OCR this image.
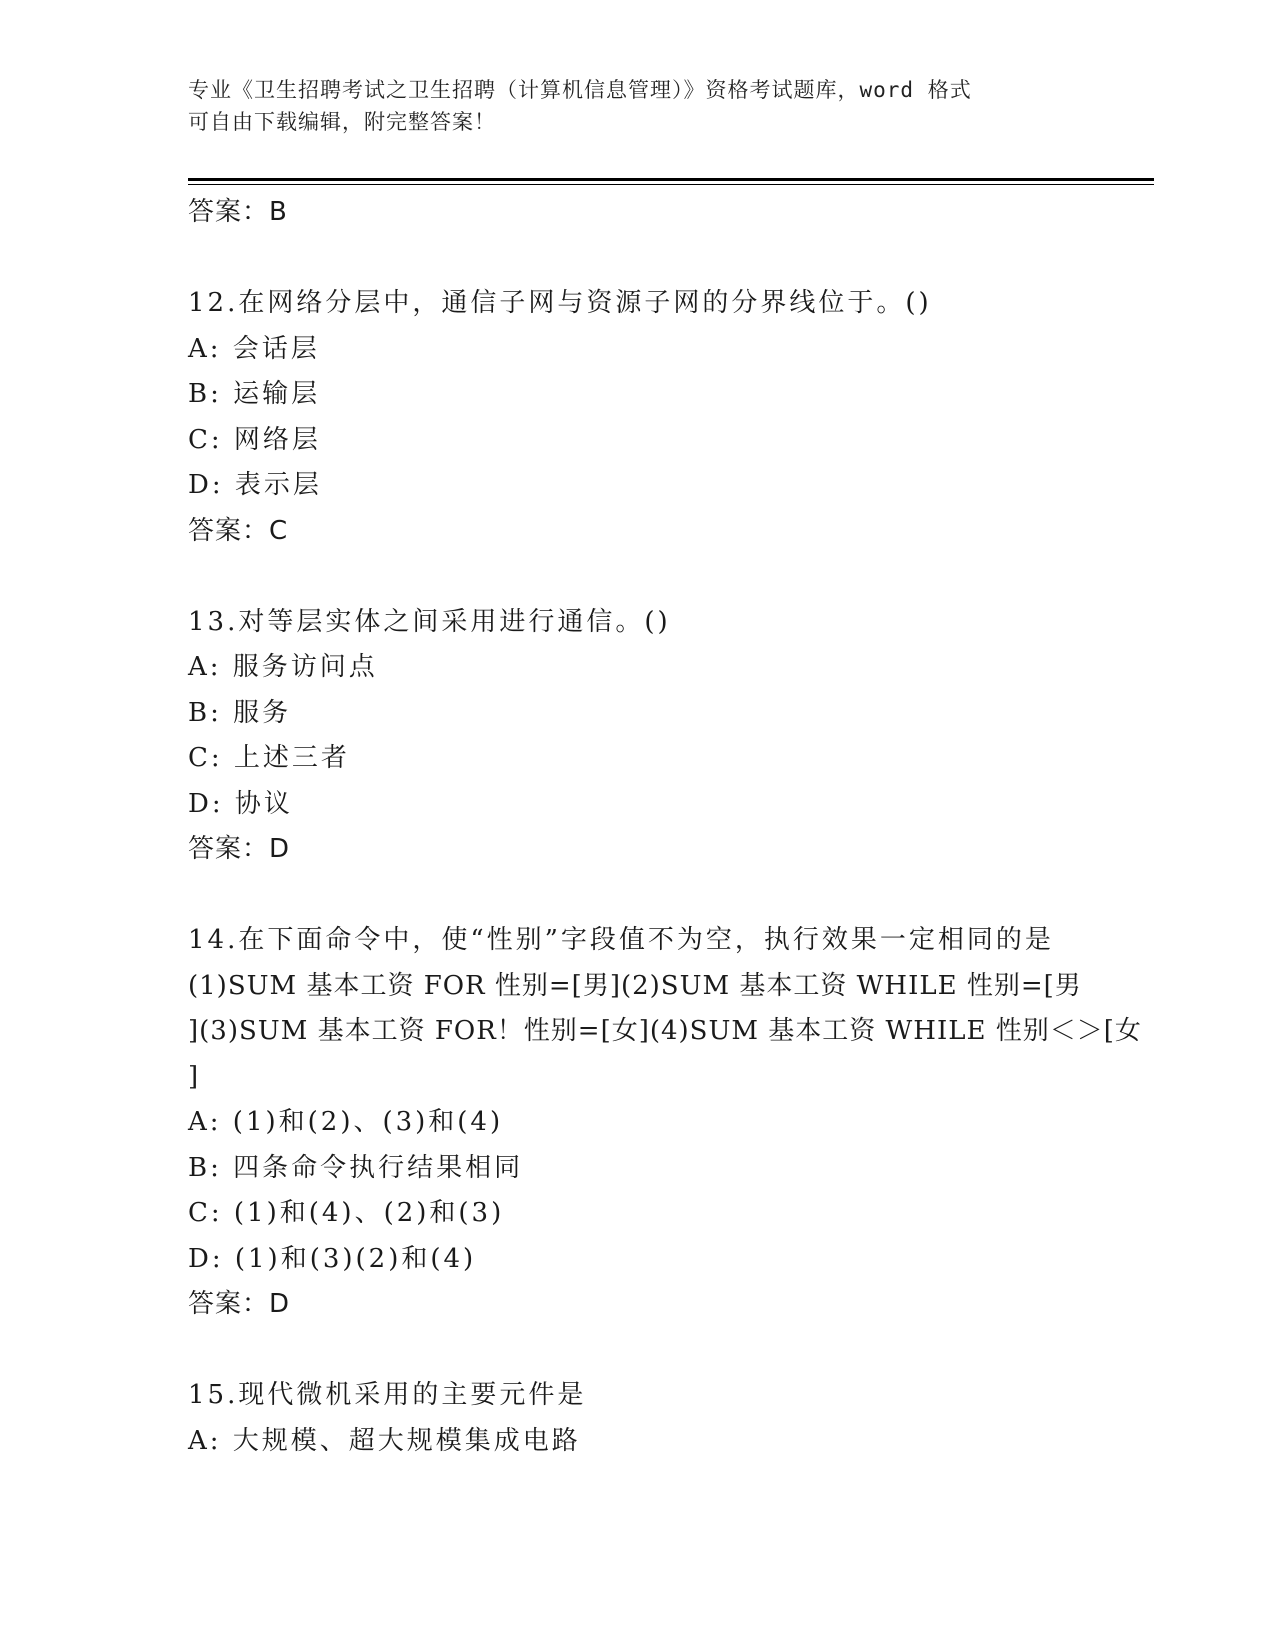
专业《卫生招聘考试之卫生招聘（计算机信息管理）》资格考试题库，word 格式
可自由下载编辑，附完整答案！
答案：B
12.在网络分层中，通信子网与资源子网的分界线位于。()
A: 会话层
B: 运输层
C: 网络层
D: 表示层
答案：C
13.对等层实体之间采用进行通信。()
A: 服务访问点
B: 服务
C: 上述三者
D: 协议
答案：D
14.在下面命令中，使“性别”字段值不为空，执行效果一定相同的是
(1)SUM 基本工资 FOR 性别=[男](2)SUM 基本工资 WHILE 性别=[男
](3)SUM 基本工资 FOR！性别=[女](4)SUM 基本工资 WHILE 性别＜＞[女
]
A: (1)和(2)、(3)和(4)
B: 四条命令执行结果相同
C: (1)和(4)、(2)和(3)
D: (1)和(3)(2)和(4)
答案：D
15.现代微机采用的主要元件是
A: 大规模、超大规模集成电路
